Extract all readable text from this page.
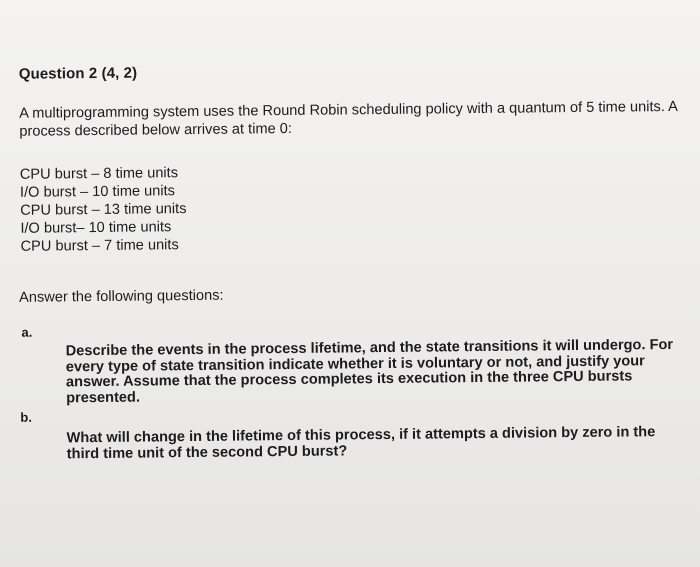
Question 2 (4, 2)
A multiprogramming system uses the Round Robin scheduling policy with a quantum of 5 time units. A process described below arrives at time 0:
CPU burst – 8 time units
I/O burst – 10 time units
CPU burst – 13 time units
I/O burst– 10 time units
CPU burst – 7 time units
Answer the following questions:
a.
Describe the events in the process lifetime, and the state transitions it will undergo. For every type of state transition indicate whether it is voluntary or not, and justify your answer. Assume that the process completes its execution in the three CPU bursts presented.
b.
What will change in the lifetime of this process, if it attempts a division by zero in the third time unit of the second CPU burst?
